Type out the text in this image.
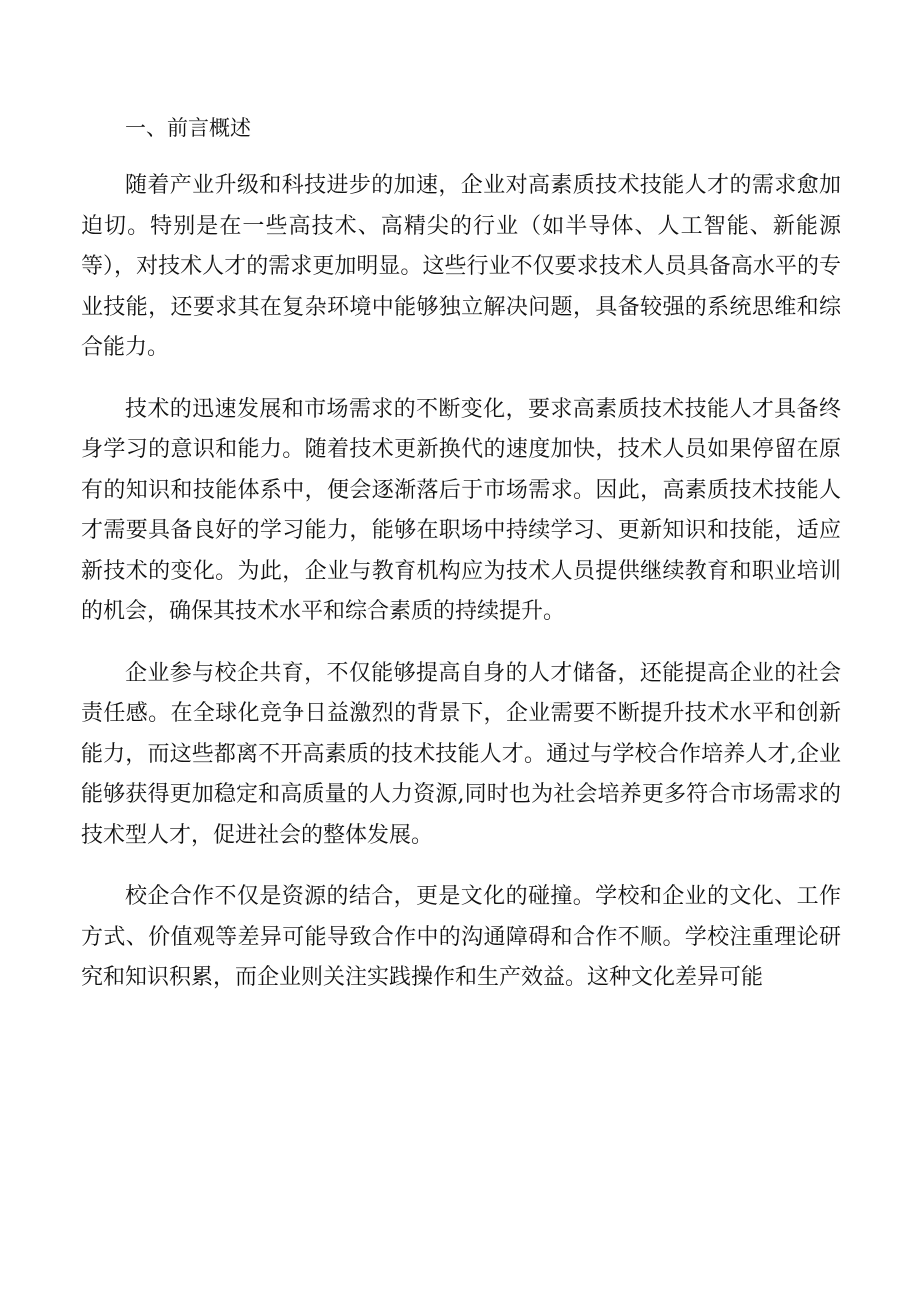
一、前言概述

随着产业升级和科技进步的加速，企业对高素质技术技能人才的需求愈加迫切。特别是在一些高技术、高精尖的行业（如半导体、人工智能、新能源等），对技术人才的需求更加明显。这些行业不仅要求技术人员具备高水平的专业技能，还要求其在复杂环境中能够独立解决问题，具备较强的系统思维和综合能力。

技术的迅速发展和市场需求的不断变化，要求高素质技术技能人才具备终身学习的意识和能力。随着技术更新换代的速度加快，技术人员如果停留在原有的知识和技能体系中，便会逐渐落后于市场需求。因此，高素质技术技能人才需要具备良好的学习能力，能够在职场中持续学习、更新知识和技能，适应新技术的变化。为此，企业与教育机构应为技术人员提供继续教育和职业培训的机会，确保其技术水平和综合素质的持续提升。

企业参与校企共育，不仅能够提高自身的人才储备，还能提高企业的社会责任感。在全球化竞争日益激烈的背景下，企业需要不断提升技术水平和创新能力，而这些都离不开高素质的技术技能人才。通过与学校合作培养人才,企业能够获得更加稳定和高质量的人力资源,同时也为社会培养更多符合市场需求的技术型人才，促进社会的整体发展。

校企合作不仅是资源的结合，更是文化的碰撞。学校和企业的文化、工作方式、价值观等差异可能导致合作中的沟通障碍和合作不顺。学校注重理论研究和知识积累，而企业则关注实践操作和生产效益。这种文化差异可能
